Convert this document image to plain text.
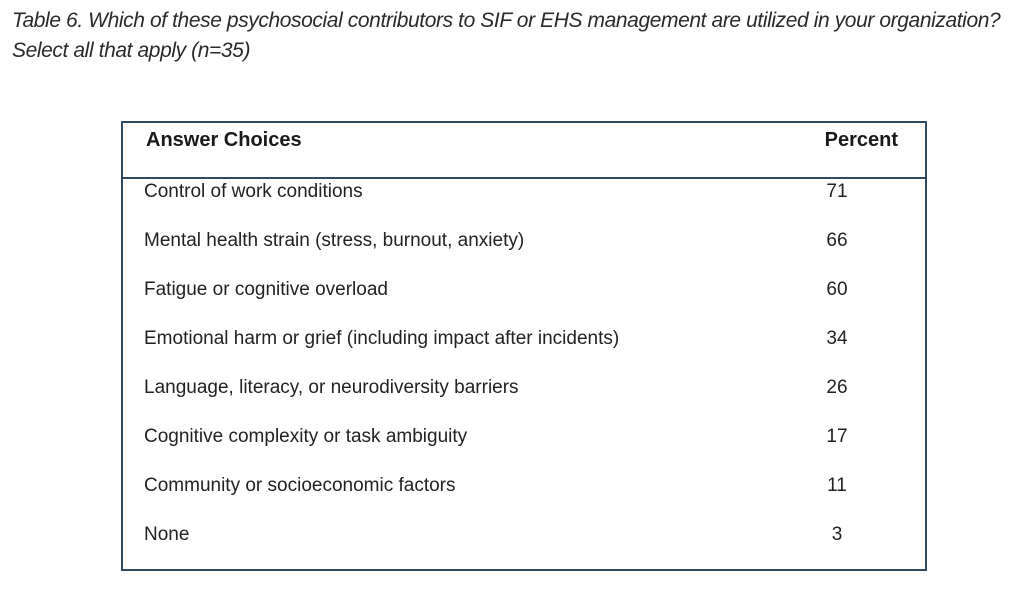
Table 6. Which of these psychosocial contributors to SIF or EHS management are utilized in your organization? Select all that apply (n=35)

Answer Choices	Percent
Control of work conditions	71
Mental health strain (stress, burnout, anxiety)	66
Fatigue or cognitive overload	60
Emotional harm or grief (including impact after incidents)	34
Language, literacy, or neurodiversity barriers	26
Cognitive complexity or task ambiguity	17
Community or socioeconomic factors	11
None	3
